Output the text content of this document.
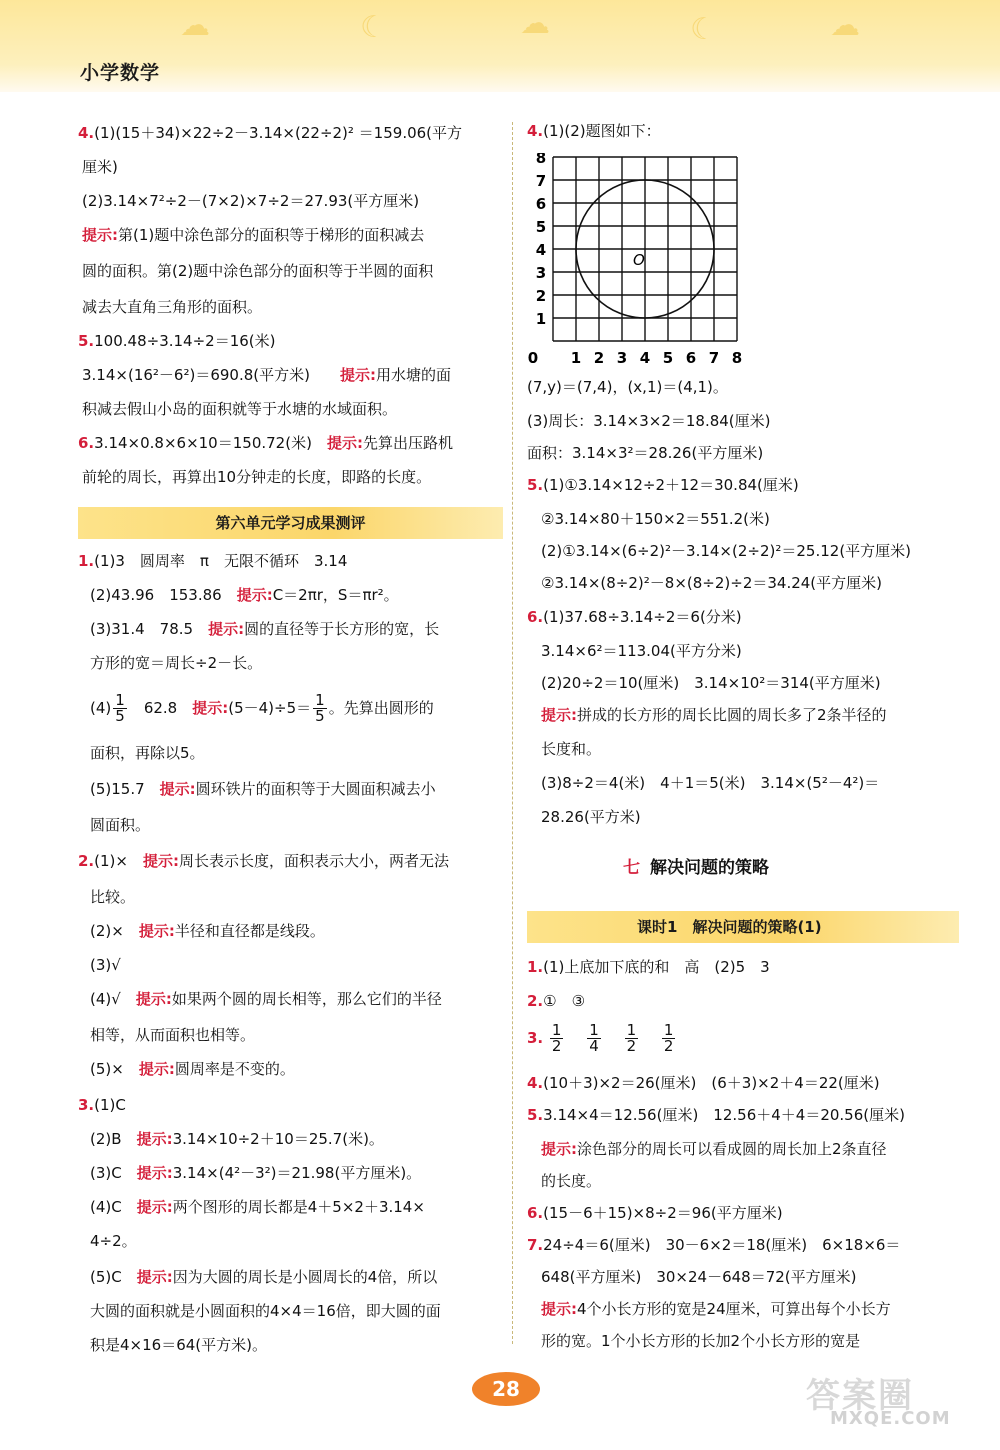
☁	☾	☁	☾	☁
小学数学
4.(1)(15＋34)×22÷2－3.14×(22÷2)² ＝159.06(平方
厘米)
(2)3.14×7²÷2－(7×2)×7÷2＝27.93(平方厘米)
提示:第(1)题中涂色部分的面积等于梯形的面积减去
圆的面积。第(2)题中涂色部分的面积等于半圆的面积
减去大直角三角形的面积。
5.100.48÷3.14÷2＝16(米)
3.14×(16²－6²)＝690.8(平方米)　　 提示:用水塘的面
积减去假山小岛的面积就等于水塘的水域面积。
6.3.14×0.8×6×10＝150.72(米)　 提示:先算出压路机
前轮的周长，再算出10分钟走的长度，即路的长度。
第六单元学习成果测评
1.(1)3　圆周率　π　无限不循环　3.14
(2)43.96　153.86　 提示:C＝2πr，S＝πr²。
(3)31.4　78.5　 提示:圆的直径等于长方形的宽，长
方形的宽＝周长÷2－长。
$(4) \frac{1}{5}$
　 62.8　 提示:(5－4)÷5＝ $\frac{1}{5}$ 。先算出圆形的
面积，再除以5。
(5)15.7　 提示:圆环铁片的面积等于大圆面积减去小
圆面积。
2.(1)×　 提示:周长表示长度，面积表示大小，两者无法
比较。
(2)×　 提示:半径和直径都是线段。
(3)√
(4)√　 提示:如果两个圆的周长相等，那么它们的半径
相等，从而面积也相等。
(5)×　 提示:圆周率是不变的。
3.(1)C
(2)B　 提示:3.14×10÷2＋10＝25.7(米)。
(3)C　 提示:3.14×(4²－3²)＝21.98(平方厘米)。
(4)C　 提示:两个图形的周长都是4＋5×2＋3.14×
4÷2。
(5)C　 提示:因为大圆的周长是小圆周长的4倍，所以
大圆的面积就是小圆面积的4×4＝16倍，即大圆的面
积是4×16＝64(平方米)。
4.(1)(2)题图如下：
0 1 2 3 4 5 6 7 8
1
2
3
4
5
6
7
8
O
(7,y)＝(7,4)，(x,1)＝(4,1)。
(3)周长：3.14×3×2＝18.84(厘米)
面积：3.14×3²＝28.26(平方厘米)
5.(1)①3.14×12÷2＋12＝30.84(厘米)
②3.14×80＋150×2＝551.2(米)
(2)①3.14×(6÷2)²－3.14×(2÷2)²＝25.12(平方厘米)
②3.14×(8÷2)²－8×(8÷2)÷2＝34.24(平方厘米)
6.(1)37.68÷3.14÷2＝6(分米)
3.14×6²＝113.04(平方分米)
(2)20÷2＝10(厘米)　3.14×10²＝314(平方厘米)
提示:拼成的长方形的周长比圆的周长多了2条半径的
长度和。
(3)8÷2＝4(米)　4＋1＝5(米)　3.14×(5²－4²)＝
28.26(平方米)
七 解决问题的策略
课时1　 解决问题的策略(1)
1.(1)上底加下底的和　高　(2)5　3
2.①　③
3. $\frac{1}{2}$
　 $\frac{1}{4}$
　 $\frac{1}{2}$
　 $\frac{1}{2}$
4.(10＋3)×2＝26(厘米)　(6＋3)×2＋4＝22(厘米)
5.3.14×4＝12.56(厘米)　12.56＋4＋4＝20.56(厘米)
提示:涂色部分的周长可以看成圆的周长加上2条直径
的长度。
6.(15－6＋15)×8÷2＝96(平方厘米)
7.24÷4＝6(厘米)　30－6×2＝18(厘米)　6×18×6＝
648(平方厘米)　30×24－648＝72(平方厘米)
提示:4个小长方形的宽是24厘米，可算出每个小长方
形的宽。1个小长方形的长加2个小长方形的宽是
28	答案圈
MXQE.COM
